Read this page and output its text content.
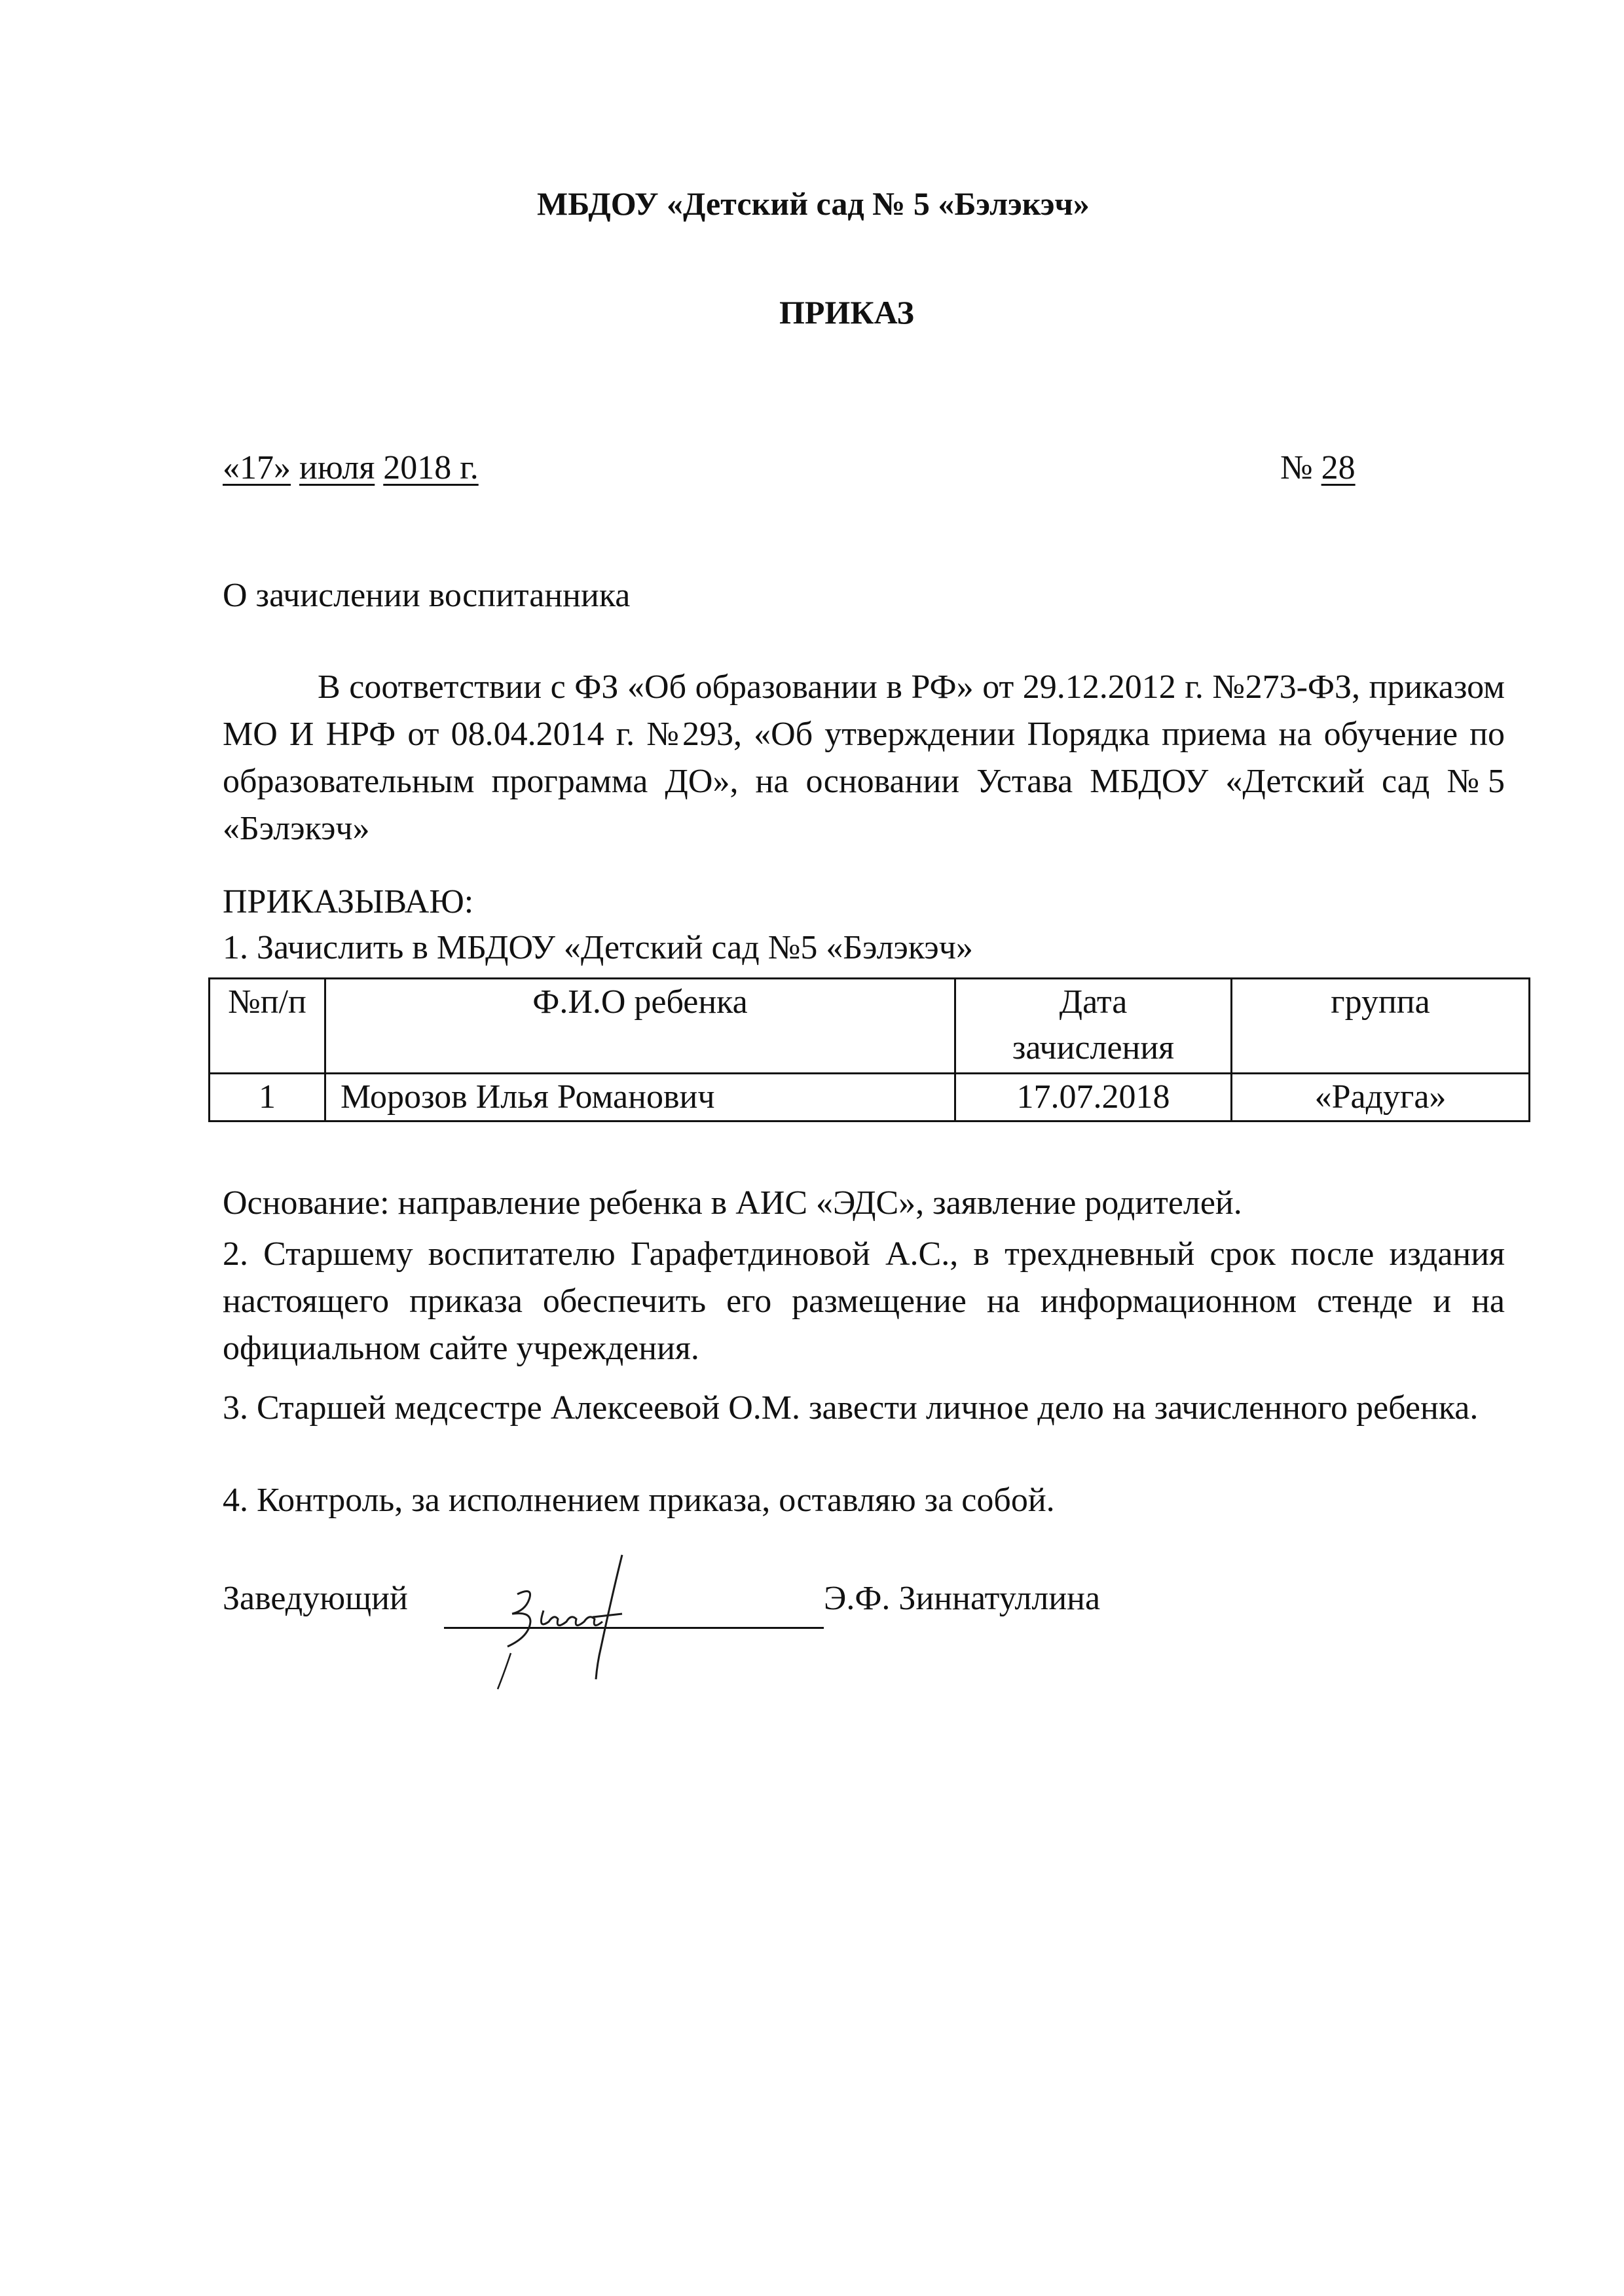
МБДОУ «Детский сад № 5 «Бэлэкэч»
ПРИКАЗ
«17» июля 2018 г.	№ 28
О зачислении воспитанника
В соответствии с ФЗ «Об образовании в РФ» от 29.12.2012 г. №273-ФЗ, приказом МО И НРФ от 08.04.2014 г. №293, «Об утверждении Порядка приема на обучение по образовательным программа ДО», на основании Устава МБДОУ «Детский сад №5 «Бэлэкэч»
ПРИКАЗЫВАЮ:
1. Зачислить в МБДОУ «Детский сад №5 «Бэлэкэч»
№п/п	Ф.И.О ребенка	Дата зачисления	группа
1	Морозов Илья Романович	17.07.2018	«Радуга»
Основание: направление ребенка в АИС «ЭДС», заявление родителей.
2. Старшему воспитателю Гарафетдиновой А.С., в трехдневный срок после издания настоящего приказа обеспечить его размещение на информационном стенде и на официальном сайте учреждения.
3. Старшей медсестре Алексеевой О.М. завести личное дело на зачисленного ребенка.
4. Контроль, за исполнением приказа, оставляю за собой.
Заведующий	Э.Ф. Зиннатуллина
